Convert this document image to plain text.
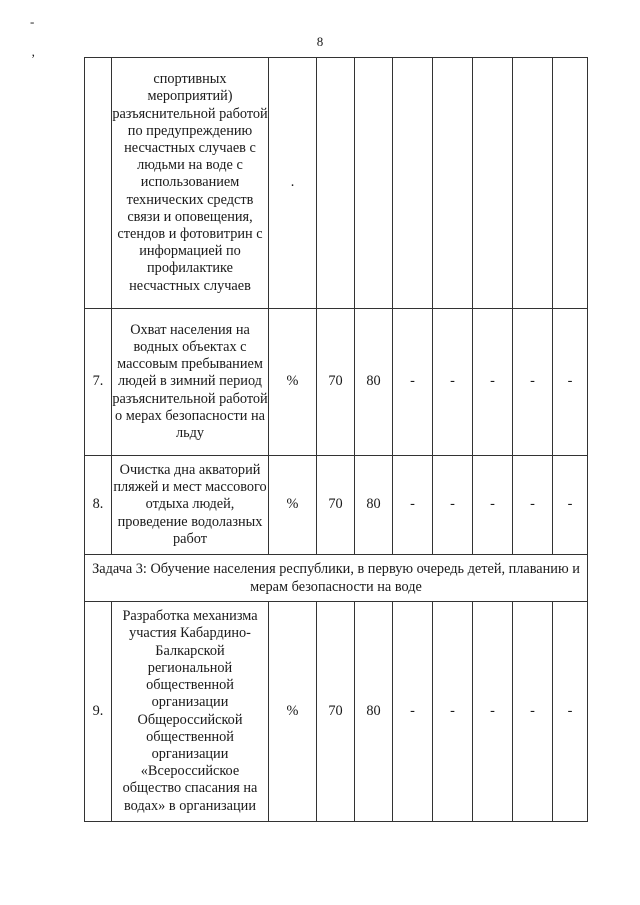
8
-
’
	спортивных мероприятий) разъяснительной работой по предупреждению несчастных случаев с людьми на воде с использованием технических средств связи и оповещения, стендов и фотовитрин с информацией по профилактике несчастных случаев	.							
7.	Охват населения на водных объектах с массовым пребыванием людей в зимний период разъяснительной работой о мерах безопасности на льду	%	70	80	-	-	-	-	-
8.	Очистка дна акваторий пляжей и мест массового отдыха людей, проведение водолазных работ	%	70	80	-	-	-	-	-
Задача 3: Обучение населения республики, в первую очередь детей, плаванию и мерам безопасности на воде									
9.	Разработка механизма участия Кабардино-Балкарской региональной общественной организации Общероссийской общественной организации «Всероссийское общество спасания на водах» в организации	%	70	80	-	-	-	-	-
